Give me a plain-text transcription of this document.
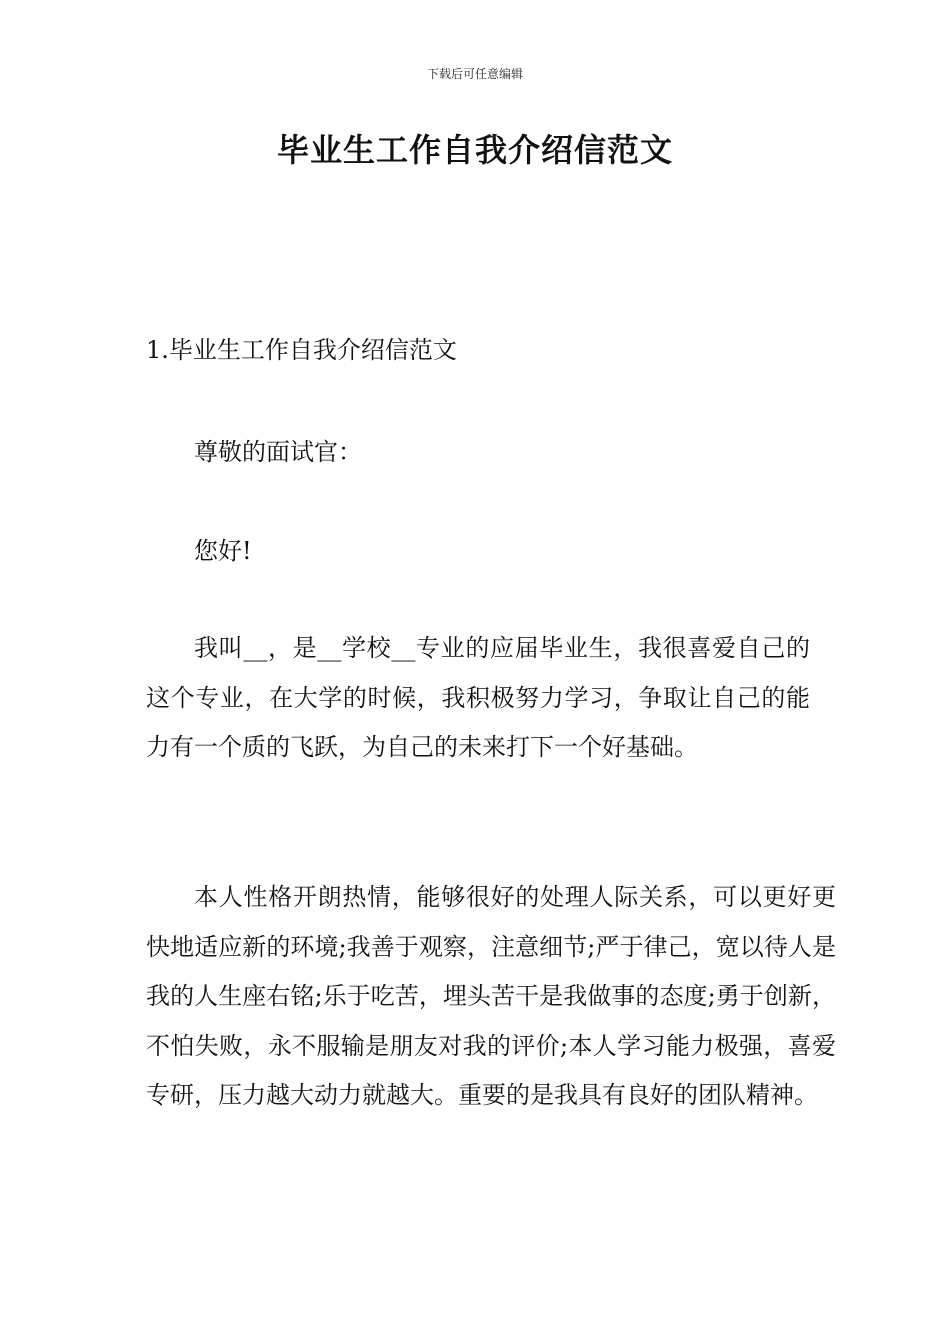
下载后可任意编辑
毕业生工作自我介绍信范文
1.毕业生工作自我介绍信范文

尊敬的面试官：

您好!

我叫__，是__学校__专业的应届毕业生，我很喜爱自己的这个专业，在大学的时候，我积极努力学习，争取让自己的能力有一个质的飞跃，为自己的未来打下一个好基础。

本人性格开朗热情，能够很好的处理人际关系，可以更好更快地适应新的环境;我善于观察，注意细节;严于律己，宽以待人是我的人生座右铭;乐于吃苦，埋头苦干是我做事的态度;勇于创新，不怕失败，永不服输是朋友对我的评价;本人学习能力极强，喜爱专研，压力越大动力就越大。重要的是我具有良好的团队精神。
